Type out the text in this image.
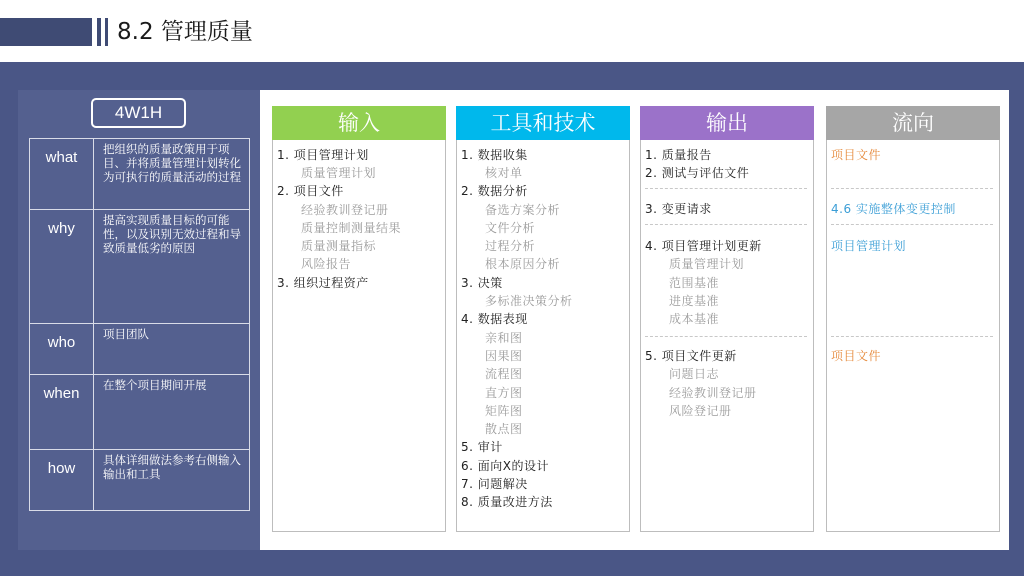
8.2 管理质量
4W1H
what	把组织的质量政策用于项目、并将质量管理计划转化为可执行的质量活动的过程
why	提高实现质量目标的可能性，以及识别无效过程和导致质量低劣的原因
who	项目团队
when	在整个项目期间开展
how	具体详细做法参考右侧输入输出和工具
输入
1. 项目管理计划
质量管理计划
2. 项目文件
经验教训登记册
质量控制测量结果
质量测量指标
风险报告
3. 组织过程资产
工具和技术
1. 数据收集
核对单
2. 数据分析
备选方案分析
文件分析
过程分析
根本原因分析
3. 决策
多标准决策分析
4. 数据表现
亲和图
因果图
流程图
直方图
矩阵图
散点图
5. 审计
6. 面向X的设计
7. 问题解决
8. 质量改进方法
输出
1. 质量报告
2. 测试与评估文件
3. 变更请求
4. 项目管理计划更新
质量管理计划
范围基准
进度基准
成本基准
5. 项目文件更新
问题日志
经验教训登记册
风险登记册
流向
项目文件
4.6 实施整体变更控制
项目管理计划
项目文件
